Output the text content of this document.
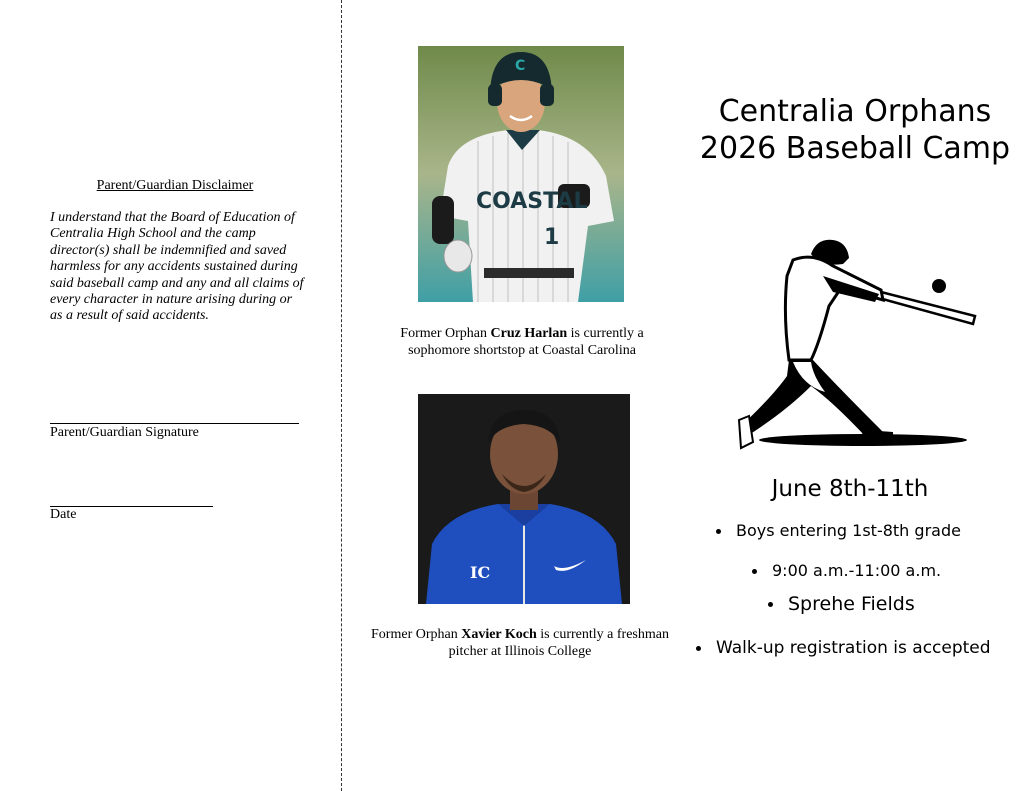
Parent/Guardian Disclaimer
I understand that the Board of Education of Centralia High School and the camp director(s) shall be indemnified and saved harmless for any accidents sustained during said baseball camp and any and all claims of every character in nature arising during or as a result of said accidents.
Parent/Guardian Signature
Date
COASTAL
1
C
Former Orphan Cruz Harlan is currently a sophomore shortstop at Coastal Carolina
IC
Former Orphan Xavier Koch is currently a freshman pitcher at Illinois College
Centralia Orphans
2026 Baseball Camp
June 8th-11th
Boys entering 1st-8th grade
9:00 a.m.-11:00 a.m.
Sprehe Fields
Walk-up registration is accepted
